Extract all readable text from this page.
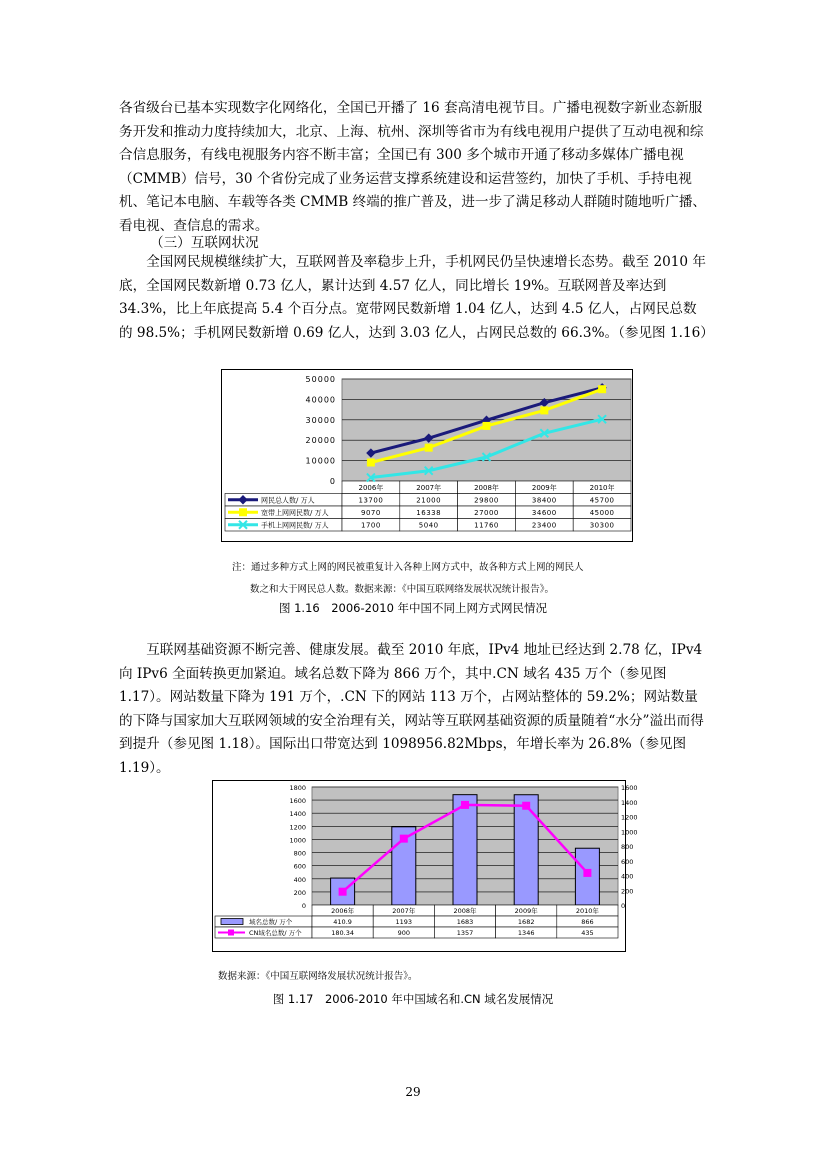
各省级台已基本实现数字化网络化，全国已开播了 16 套高清电视节目。广播电视数字新业态新服务开发和推动力度持续加大，北京、上海、杭州、深圳等省市为有线电视用户提供了互动电视和综合信息服务，有线电视服务内容不断丰富；全国已有 300 多个城市开通了移动多媒体广播电视（CMMB）信号，30 个省份完成了业务运营支撑系统建设和运营签约，加快了手机、手持电视机、笔记本电脑、车载等各类 CMMB 终端的推广普及，进一步了满足移动人群随时随地听广播、看电视、查信息的需求。

（三）互联网状况

全国网民规模继续扩大，互联网普及率稳步上升，手机网民仍呈快速增长态势。截至 2010 年底，全国网民数新增 0.73 亿人，累计达到 4.57 亿人，同比增长 19%。互联网普及率达到 34.3%，比上年底提高 5.4 个百分点。宽带网民数新增 1.04 亿人，达到 4.5 亿人，占网民总数的 98.5%；手机网民数新增 0.69 亿人，达到 3.03 亿人，占网民总数的 66.3%。（参见图 1.16）

0
10000
20000
30000
40000
50000
2006年	2007年	2008年	2009年	2010年
网民总人数/ 万人	13700	21000	29800	38400	45700
宽带上网网民数/ 万人	9070	16338	27000	34600	45000
手机上网网民数/ 万人	1700	5040	11760	23400	30300
注：通过多种方式上网的网民被重复计入各种上网方式中，故各种方式上网的网民人
数之和大于网民总人数。数据来源：《中国互联网络发展状况统计报告》。
图 1.16　2006-2010 年中国不同上网方式网民情况

互联网基础资源不断完善、健康发展。截至 2010 年底，IPv4 地址已经达到 2.78 亿，IPv4 向 IPv6 全面转换更加紧迫。域名总数下降为 866 万个，其中.CN 域名 435 万个（参见图 1.17）。网站数量下降为 191 万个，.CN 下的网站 113 万个，占网站整体的 59.2%；网站数量的下降与国家加大互联网领域的安全治理有关，网站等互联网基础资源的质量随着“水分”溢出而得到提升（参见图 1.18）。国际出口带宽达到 1098956.82Mbps，年增长率为 26.8%（参见图 1.19）。

0
200
400
600
800
1000
1200
1400
1600
1800
0
200
400
600
800
1000
1200
1400
1600
2006年	2007年	2008年	2009年	2010年
域名总数/ 万个	410.9	1193	1683	1682	866
CN域名总数/ 万个	180.34	900	1357	1346	435
数据来源：《中国互联网络发展状况统计报告》。
图 1.17　2006-2010 年中国域名和.CN 域名发展情况
29
